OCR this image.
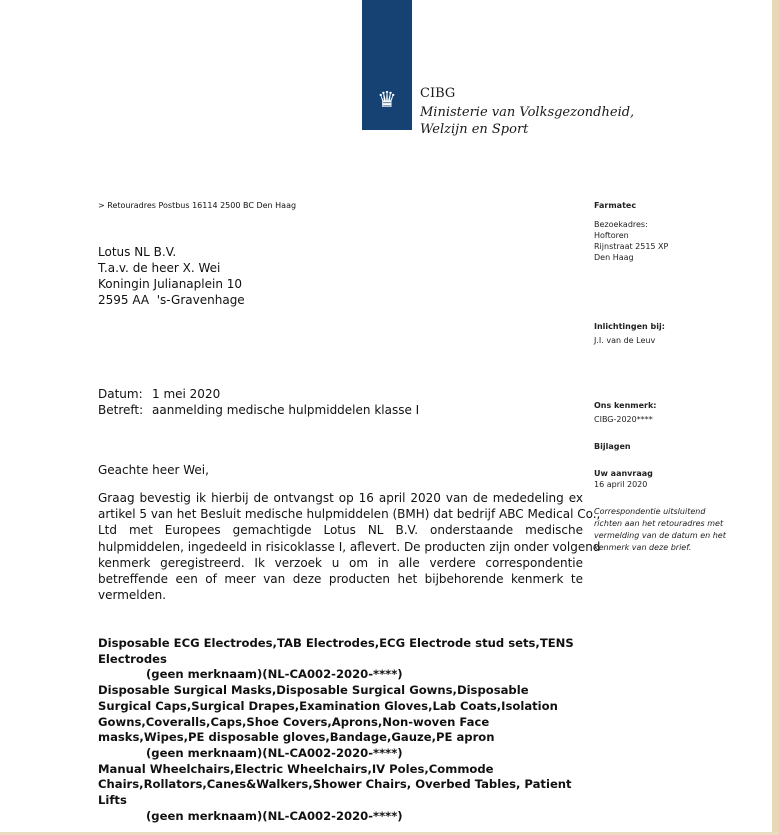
♛	CIBG
Ministerie van Volksgezondheid,
Welzijn en Sport
> Retouradres Postbus 16114 2500 BC Den Haag
Lotus NL B.V.
T.a.v. de heer X. Wei
Koningin Julianaplein 10
2595 AA  's-Gravenhage
Datum: 1 mei 2020
Betreft: aanmelding medische hulpmiddelen klasse I
Geachte heer Wei,
Graag bevestig ik hierbij de ontvangst op 16 april 2020 van de mededeling ex
artikel 5 van het Besluit medische hulpmiddelen (BMH) dat bedrijf ABC Medical Co.,
Ltd met Europees gemachtigde Lotus NL B.V. onderstaande medische
hulpmiddelen, ingedeeld in risicoklasse I, aflevert. De producten zijn onder volgend
kenmerk geregistreerd. Ik verzoek u om in alle verdere correspondentie
betreffende een of meer van deze producten het bijbehorende kenmerk te
vermelden.
Disposable ECG Electrodes,TAB Electrodes,ECG Electrode stud sets,TENS
Electrodes
(geen merknaam)(NL-CA002-2020-****)
Disposable Surgical Masks,Disposable Surgical Gowns,Disposable
Surgical Caps,Surgical Drapes,Examination Gloves,Lab Coats,Isolation
Gowns,Coveralls,Caps,Shoe Covers,Aprons,Non-woven Face
masks,Wipes,PE disposable gloves,Bandage,Gauze,PE apron
(geen merknaam)(NL-CA002-2020-****)
Manual Wheelchairs,Electric Wheelchairs,IV Poles,Commode
Chairs,Rollators,Canes&Walkers,Shower Chairs, Overbed Tables, Patient
Lifts
(geen merknaam)(NL-CA002-2020-****)
Farmatec
Bezoekadres:
Hoftoren
Rijnstraat 2515 XP
Den Haag
Inlichtingen bij:
J.I. van de Leuv
Ons kenmerk:
CIBG-2020****
Bijlagen
Uw aanvraag
16 april 2020
Correspondentie uitsluitend
richten aan het retouradres met
vermelding van de datum en het
kenmerk van deze brief.
